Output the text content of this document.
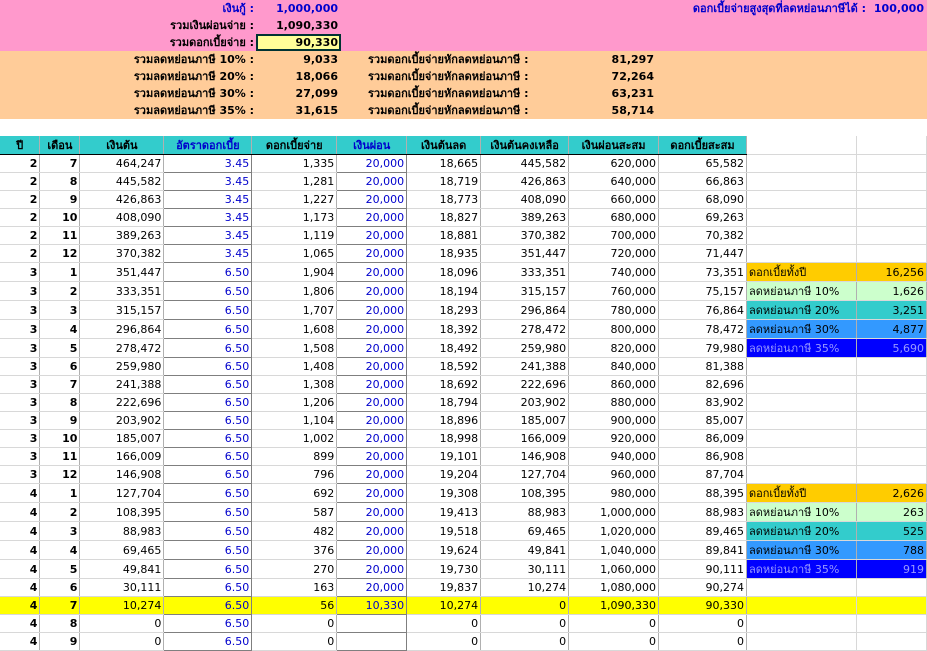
เงินกู้ :	1,000,000
รวมเงินผ่อนจ่าย :	1,090,330
รวมดอกเบี้ยจ่าย :	90,330
ดอกเบี้ยจ่ายสูงสุดที่ลดหย่อนภาษีได้ : 100,000
รวมลดหย่อนภาษี 10% :	9,033	รวมดอกเบี้ยจ่ายหักลดหย่อนภาษี :	81,297
รวมลดหย่อนภาษี 20% :	18,066	รวมดอกเบี้ยจ่ายหักลดหย่อนภาษี :	72,264
รวมลดหย่อนภาษี 30% :	27,099	รวมดอกเบี้ยจ่ายหักลดหย่อนภาษี :	63,231
รวมลดหย่อนภาษี 35% :	31,615	รวมดอกเบี้ยจ่ายหักลดหย่อนภาษี :	58,714
ปี	เดือน	เงินต้น	อัตราดอกเบี้ย	ดอกเบี้ยจ่าย	เงินผ่อน	เงินต้นลด	เงินต้นคงเหลือ	เงินผ่อนสะสม	ดอกเบี้ยสะสม		
2	7	464,247	3.45	1,335	20,000	18,665	445,582	620,000	65,582		
2	8	445,582	3.45	1,281	20,000	18,719	426,863	640,000	66,863		
2	9	426,863	3.45	1,227	20,000	18,773	408,090	660,000	68,090		
2	10	408,090	3.45	1,173	20,000	18,827	389,263	680,000	69,263		
2	11	389,263	3.45	1,119	20,000	18,881	370,382	700,000	70,382		
2	12	370,382	3.45	1,065	20,000	18,935	351,447	720,000	71,447		
3	1	351,447	6.50	1,904	20,000	18,096	333,351	740,000	73,351	ดอกเบี้ยทั้งปี	16,256
3	2	333,351	6.50	1,806	20,000	18,194	315,157	760,000	75,157	ลดหย่อนภาษี 10%	1,626
3	3	315,157	6.50	1,707	20,000	18,293	296,864	780,000	76,864	ลดหย่อนภาษี 20%	3,251
3	4	296,864	6.50	1,608	20,000	18,392	278,472	800,000	78,472	ลดหย่อนภาษี 30%	4,877
3	5	278,472	6.50	1,508	20,000	18,492	259,980	820,000	79,980	ลดหย่อนภาษี 35%	5,690
3	6	259,980	6.50	1,408	20,000	18,592	241,388	840,000	81,388		
3	7	241,388	6.50	1,308	20,000	18,692	222,696	860,000	82,696		
3	8	222,696	6.50	1,206	20,000	18,794	203,902	880,000	83,902		
3	9	203,902	6.50	1,104	20,000	18,896	185,007	900,000	85,007		
3	10	185,007	6.50	1,002	20,000	18,998	166,009	920,000	86,009		
3	11	166,009	6.50	899	20,000	19,101	146,908	940,000	86,908		
3	12	146,908	6.50	796	20,000	19,204	127,704	960,000	87,704		
4	1	127,704	6.50	692	20,000	19,308	108,395	980,000	88,395	ดอกเบี้ยทั้งปี	2,626
4	2	108,395	6.50	587	20,000	19,413	88,983	1,000,000	88,983	ลดหย่อนภาษี 10%	263
4	3	88,983	6.50	482	20,000	19,518	69,465	1,020,000	89,465	ลดหย่อนภาษี 20%	525
4	4	69,465	6.50	376	20,000	19,624	49,841	1,040,000	89,841	ลดหย่อนภาษี 30%	788
4	5	49,841	6.50	270	20,000	19,730	30,111	1,060,000	90,111	ลดหย่อนภาษี 35%	919
4	6	30,111	6.50	163	20,000	19,837	10,274	1,080,000	90,274		
4	7	10,274	6.50	56	10,330	10,274	0	1,090,330	90,330		
4	8	0	6.50	0		0	0	0	0		
4	9	0	6.50	0		0	0	0	0		
